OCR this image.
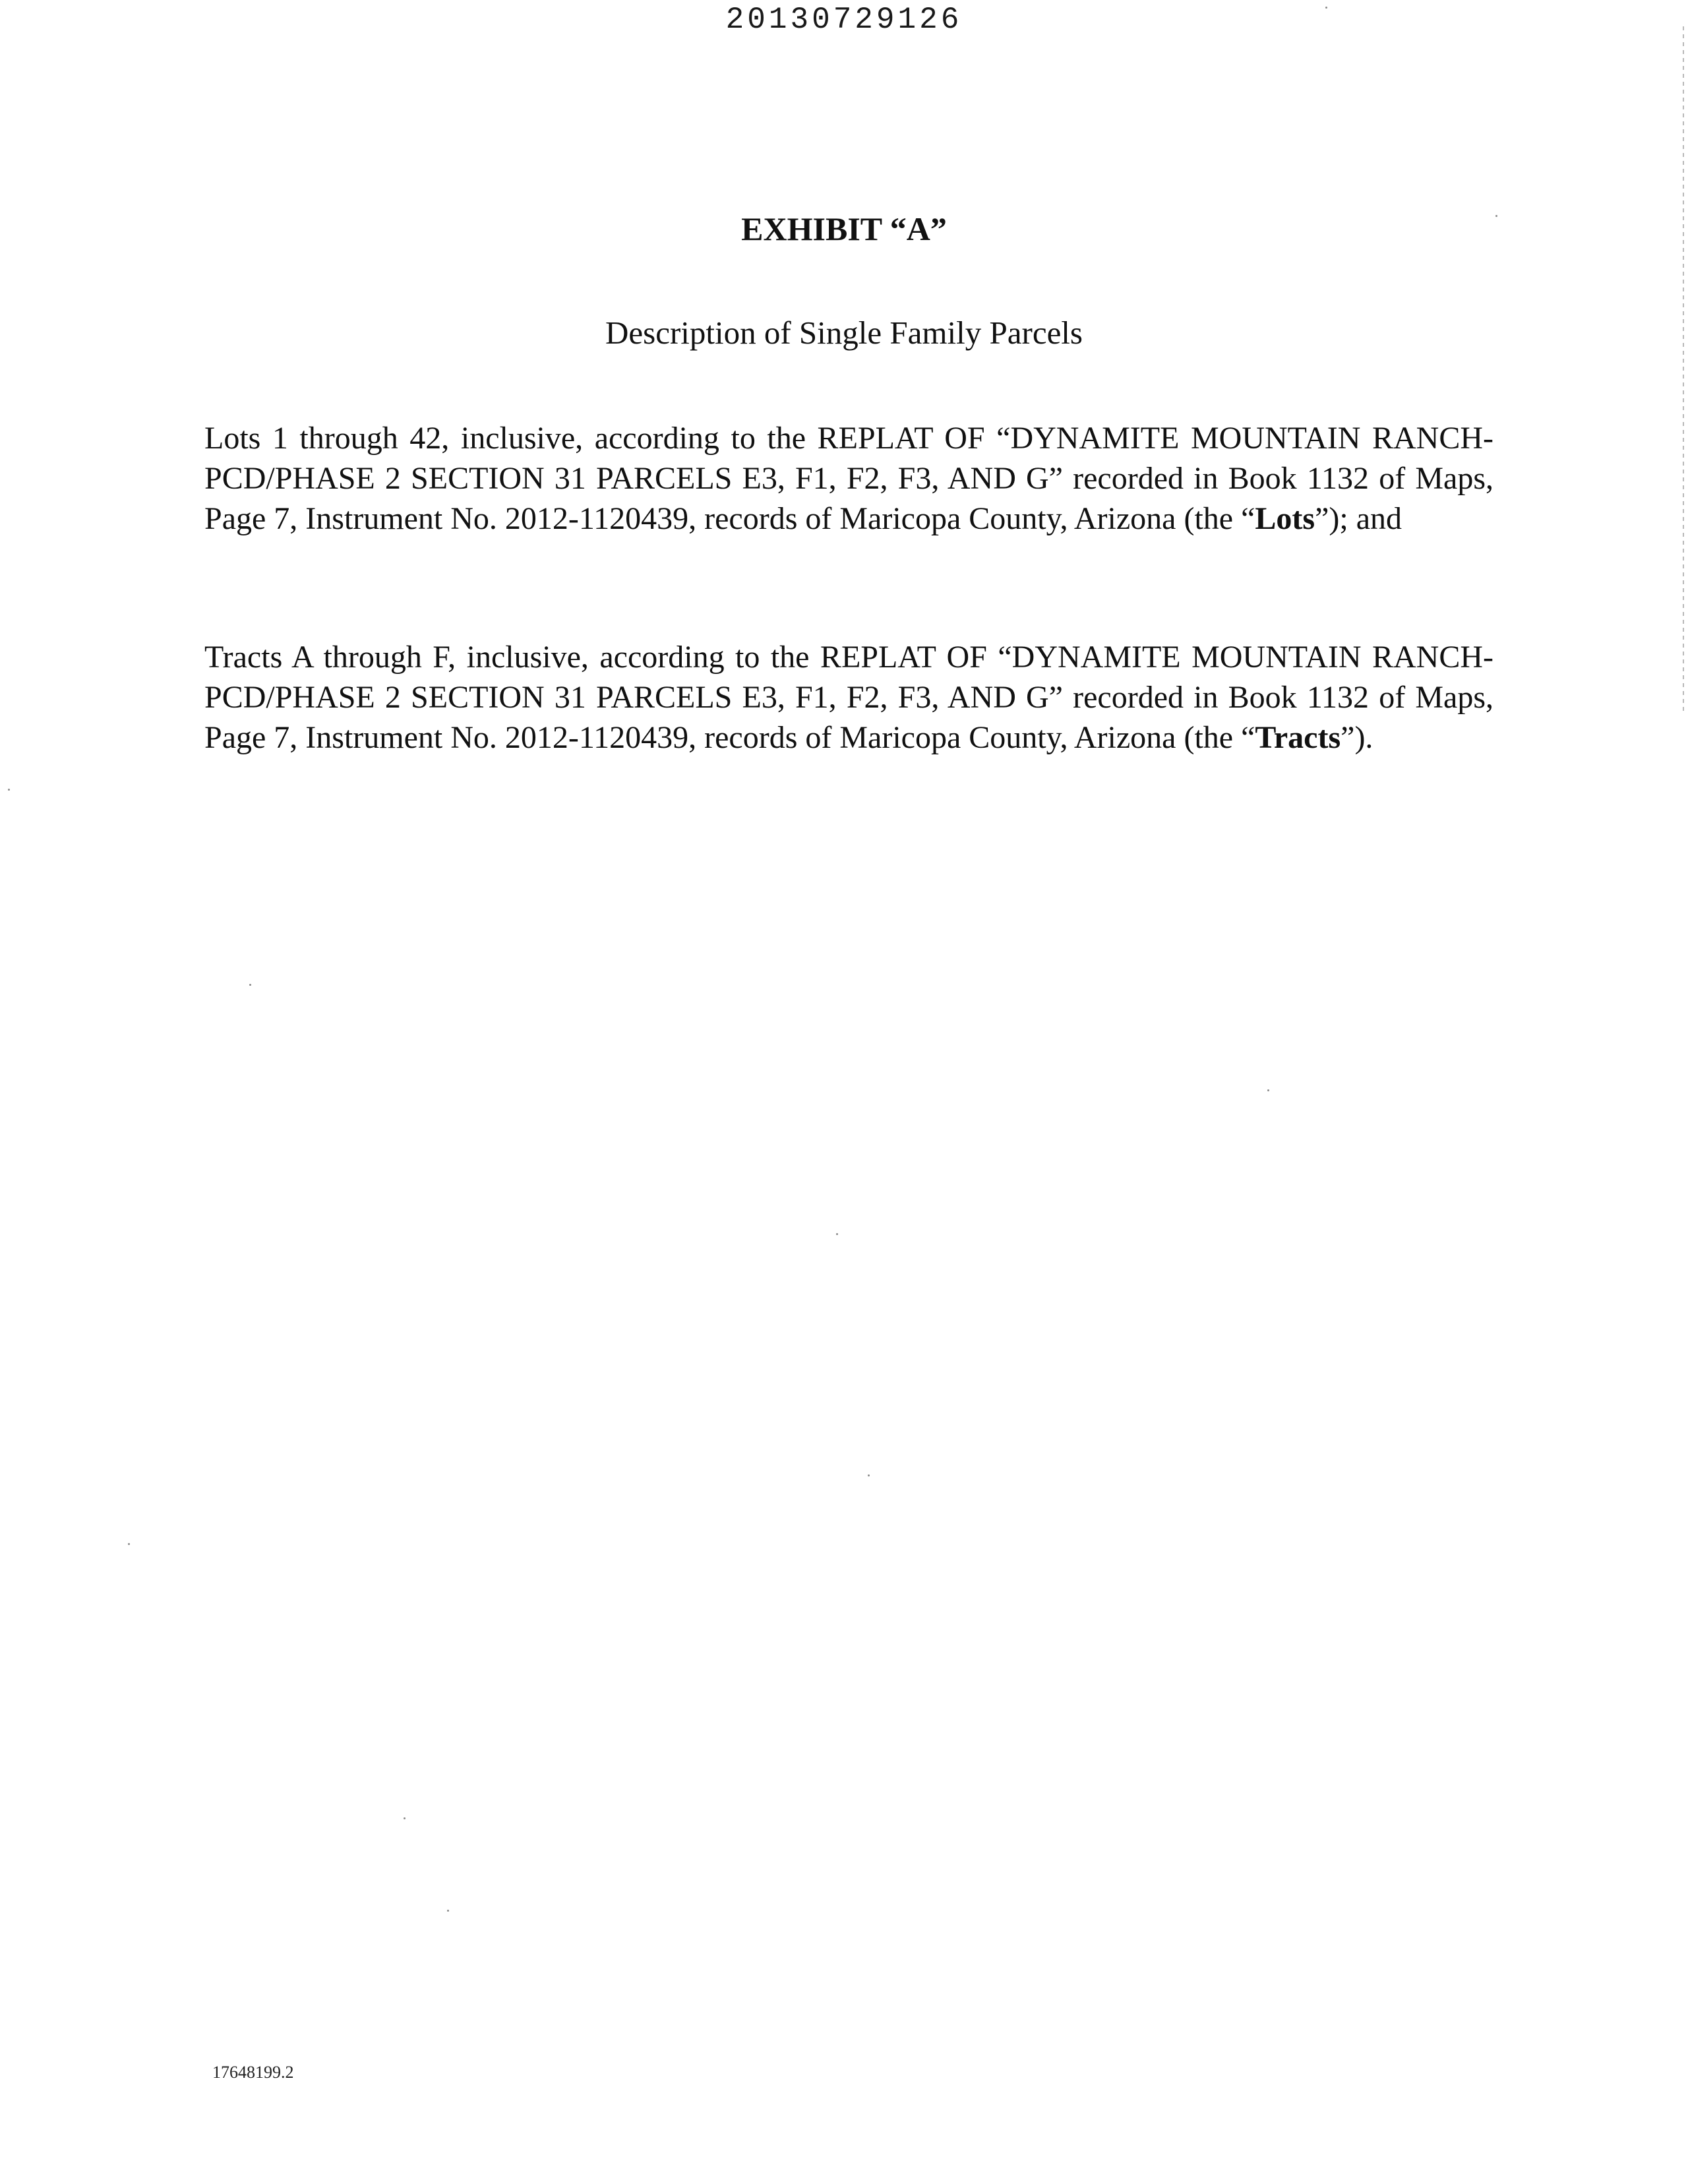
20130729126
EXHIBIT “A”
Description of Single Family Parcels

Lots 1 through 42, inclusive, according to the REPLAT OF “DYNAMITE MOUNTAIN RANCH-PCD/PHASE 2 SECTION 31 PARCELS E3, F1, F2, F3, AND G” recorded in Book 1132 of Maps, Page 7, Instrument No. 2012-1120439, records of Maricopa County, Arizona (the “Lots”); and

Tracts A through F, inclusive, according to the REPLAT OF “DYNAMITE MOUNTAIN RANCH-PCD/PHASE 2 SECTION 31 PARCELS E3, F1, F2, F3, AND G” recorded in Book 1132 of Maps, Page 7, Instrument No. 2012-1120439, records of Maricopa County, Arizona (the “Tracts”).

17648199.2
